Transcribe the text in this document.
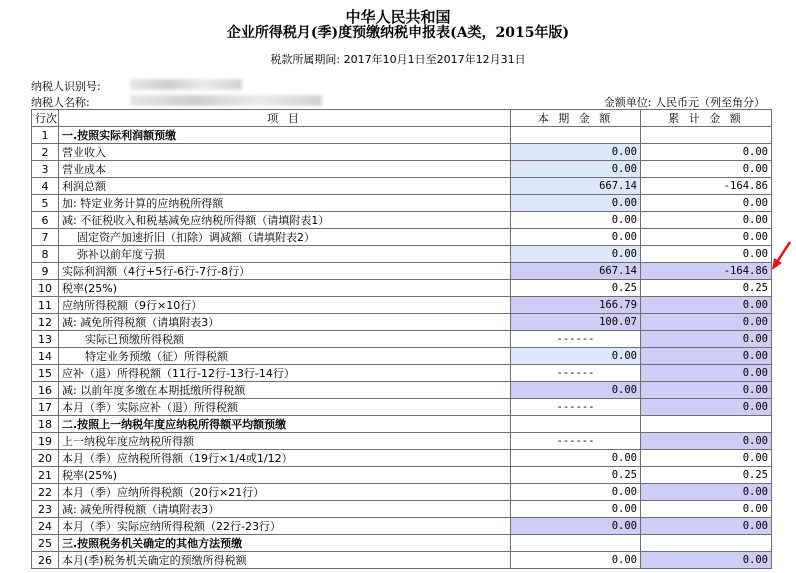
中华人民共和国
企业所得税月(季)度预缴纳税申报表(A类，2015年版)
税款所属期间: 2017年10月1日至2017年12月31日
纳税人识别号:
纳税人名称:	金额单位: 人民币元（列至角分）
行次	项 目	本 期 金 额	累 计 金 额
1	一.按照实际利润额预缴		
2	营业收入	0.00	0.00
3	营业成本	0.00	0.00
4	利润总额	667.14	-164.86
5	加: 特定业务计算的应纳税所得额	0.00	0.00
6	减: 不征税收入和税基减免应纳税所得额（请填附表1）	0.00	0.00
7	固定资产加速折旧（扣除）调减额（请填附表2）	0.00	0.00
8	弥补以前年度亏损	0.00	0.00
9	实际利润额（4行+5行-6行-7行-8行）	667.14	-164.86
10	税率(25%)	0.25	0.25
11	应纳所得税额（9行×10行）	166.79	0.00
12	减: 减免所得税额（请填附表3）	100.07	0.00
13	实际已预缴所得税额	------	0.00
14	特定业务预缴（征）所得税额	0.00	0.00
15	应补（退）所得税额（11行-12行-13行-14行）	------	0.00
16	减: 以前年度多缴在本期抵缴所得税额	0.00	0.00
17	本月（季）实际应补（退）所得税额	------	0.00
18	二.按照上一纳税年度应纳税所得额平均额预缴		
19	上一纳税年度应纳税所得额	------	0.00
20	本月（季）应纳税所得额（19行×1/4或1/12）	0.00	0.00
21	税率(25%)	0.25	0.25
22	本月（季）应纳所得税额（20行×21行）	0.00	0.00
23	减: 减免所得税额（请填附表3）	0.00	0.00
24	本月（季）实际应纳所得税额（22行-23行）	0.00	0.00
25	三.按照税务机关确定的其他方法预缴		
26	本月(季)税务机关确定的预缴所得税额	0.00	0.00
